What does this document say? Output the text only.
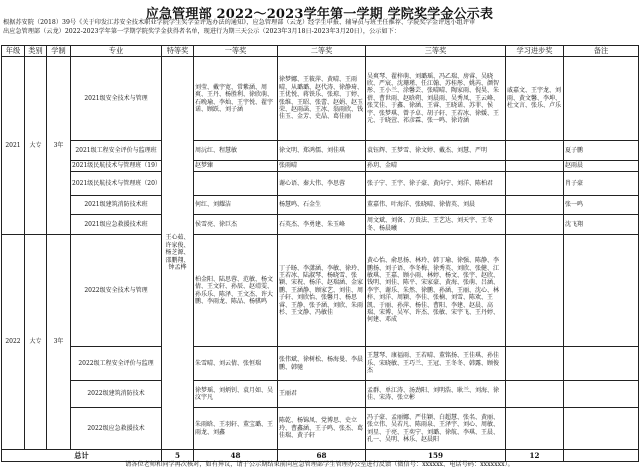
应急管理部 2022～2023学年第一学期 学院奖学金公示表
根据苏安院（2018）39号《关于印发江苏安全技术职业学院学生奖学金评选办法的通知》，应急管理部（云龙）经学生申报、辅导员与班主任推荐、学院奖学金评选小组评审
出应急管理部（云龙）2022-2023学年第一学期学院奖学金获得者名单，现进行为期三天公示（2023年3月18日-2023年3月20日），公示如下：
年级	类别	学制	专业	特等奖	一等奖	二等奖	三等奖	学习进步奖	备注
2021	大专	3年	2021级安全技术与管理	王心茹、许家俊、杨芝源、邵鹏翔、钟孟桦	刘莹、戴宇宽、常紫涵、周爽、王丹、杨胜利、徐欣萌、石晚瑜、李灿、王宇悦、翟宇诺、顾跃、刘子涵	徐梦娜、王筱萍、黄晴、王雨晴、从璐璐、赵代涛、徐静琦、王优悦、蒋铁乐、张琼、丁婷、张维、王昭、张蕾、赵娟、赵玉荣、赵雨菡、王冰、翁雨欣、钱佳玉、金芳、史晶、葛佳丽	吴爽琴、翟梓萌、刘璐瑶、冯乙瑞、房睿、吴晓欣、严宸、沈珊瑾、任江翰、苏桂彤、姚芮、颜智彤、王小兰、涂馨芸、张晴晴、陶家雨、倪昊、朱蓓、曹世雨、赵晗朔、刘晨雨、吴秀凤、王云峰、张艾佳、于鑫、徐涵、王睿、王晓诺、苏菲、侯宇、张梦琪、曾予卓、胡子轩、王若冰、徐媛、王元、于晓萱、祁彦霖、张一鸣、徐诗涵	戚嘉文、王宇龙、刘雨、黄文馨、李坤、杜文言、张乐、卢乐	
			2021级工程安全评价与监理班		周沅红、程慧敏	徐文明、郑鸿儒、刘佳琪	袁钰辉、王梦雪、徐文婷、戴杰、刘慧、严明		夏子鹏
			2021级民航技术与管理班（19）		赵梦臻	张雨晴	孙玥、金晴		赵雨晨
			2021级民航技术与管理班（20）			谢心语、秦大伟、李思蓉	张子宁、王宇、徐子豪、黄向宁、刘洋、陈柏君		肖子豪
			2021级建筑消防技术班		何红、刘耀洁	杨慧鸣、石金生	董嘉伟、叶海洋、张晓晴、徐倩英、刘晨		张一鸣
			2021级应急救援技术班		侯雪亮、徐巨杰	石英杰、李勇建、朱玉峰	周文斌、刘备、万贵法、王艺达、刘天宇、王冬冬、杨晨曦		沈飞翔
2022	大专	3年	2022级安全技术与管理		柏金阳、陆思蓉、范敏、杨文倩、王文轩、孙辰、赵靖雯、孙乐乐、陈泽、王文杰、许大鹏、李雨龙、陈品、杨骐鸣	丁子旸、李潇涵、李敏、徐玲、王若冰、陆淑琴、杨晓雪、张颖、宋祝、杨洋、赵瑞涵、金家鹏、王涵静、顾家艺、刘佳、周子轩、刘欣怡、张馨月、杨思睿、王静、张予涵、刘欣、朱雨杉、王文静、冯敏佳	黄心怡、俞思扬、林玲、韩丁瑜、徐强、陈静、李鹏扬、刘子语、李冬梅、徐秀英、刘欣、张健、江敏琪、王嘉、顾小雨、林婷、杨文、张宇、赵欣、钱明、刘佳、陈平、宋家豪、黄海、张萌、吕涵、李宇、谢乐、朱然、徐鹏、孙涵、王丽、沈心、林梓、刘洋、周颖、李佳、张楠、刘雪、陈欢、王凯、于丽、孙萍、杨佳、曹阳、李建、赵晨、高瑞、宋博、吴军、许杰、张敏、宋宇飞、王丹婷、何建、邓成		
			2022级工程安全评价与监理		朱雪晴、刘云倩、张恒瑞	张伟斌、徐树松、杨海曼、李晨鹏、韩驰	王慧琴、康福雨、王若晴、董铭扬、王佳琪、孙佳乐、宋晓敏、王巧兰、王冠、王冬冬、韩露、顾俊杰		
			2022级建筑消防技术		徐梦瑶、刘炳钊、袁月如、吴汶宇凡	王丽君	孟群、单江涛、汤劲阳、刘明浩、耿兰、刘海、徐佳、宋涛、张立彬		
			2022级应急救援技术		朱雨晗、王羽轩、董宝璐、王雨龙、刘鑫	陈乾、杨锦凤、党博思、史立玲、曹鑫涵、王子鸣、张杰、葛佳瑞、黄子轩	冯子豪、孟丽娜、严佳颖、白超慧、张名、黄丽、张立伟、吴若凡、陈雨泉、王泽宇、刘心、周敏、刘星、于亮、王奕宁、刘璐、徐航、李琪、王晨、孔一、吴明、林乐、赵晨阳		
总计				5	48	68	159	12	
请各位老师和同学再次核对，如有异议，请于公示期结束前向应急管理部学生管理办公室进行反馈（微信号：xxxxxx、电话号码：xxxxxxx）。
